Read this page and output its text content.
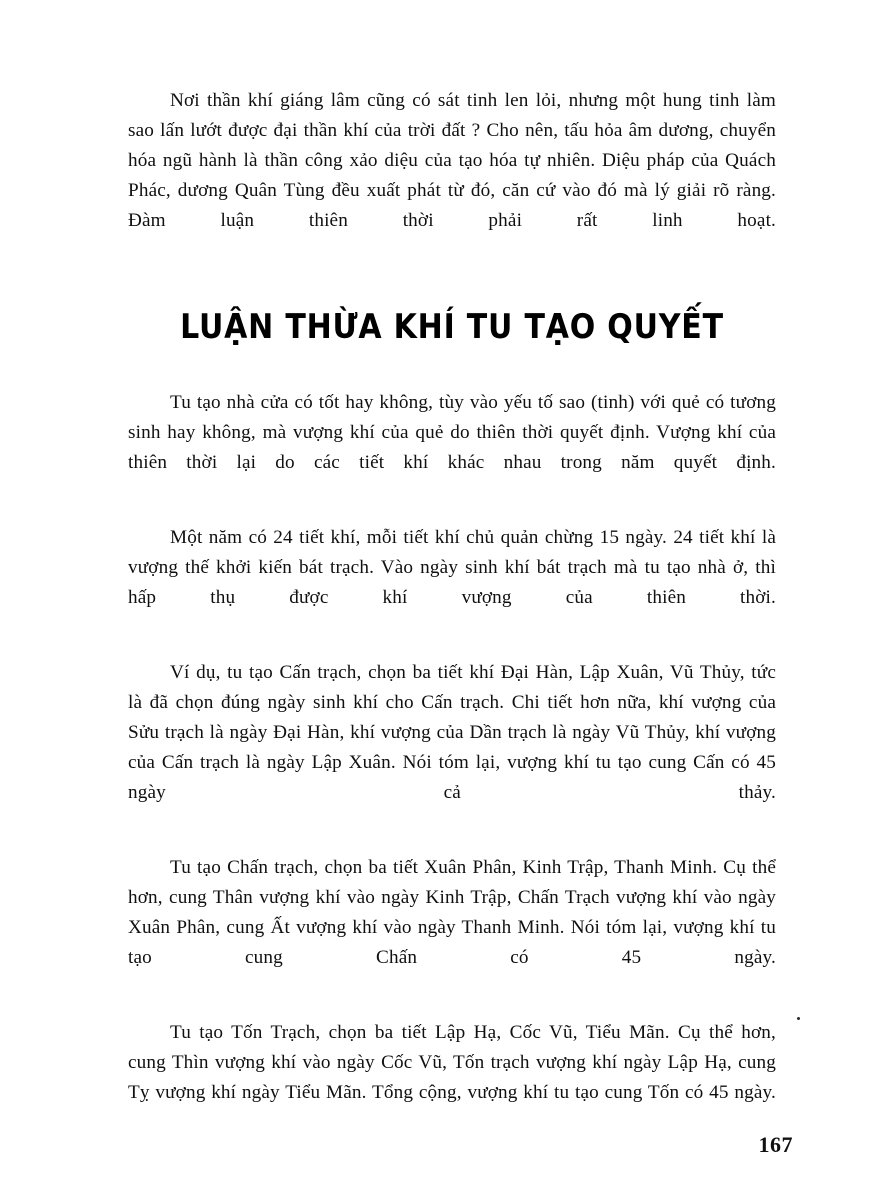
Nơi thần khí giáng lâm cũng có sát tinh len lỏi, nhưng một hung tinh làm sao lấn lướt được đại thần khí của trời đất ? Cho nên, tấu hỏa âm dương, chuyển hóa ngũ hành là thần công xảo diệu của tạo hóa tự nhiên. Diệu pháp của Quách Phác, dương Quân Tùng đều xuất phát từ đó, căn cứ vào đó mà lý giải rõ ràng. Đàm luận thiên thời phải rất linh hoạt.

LUẬN THỪA KHÍ TU TẠO QUYẾT

Tu tạo nhà cửa có tốt hay không, tùy vào yếu tố sao (tinh) với quẻ có tương sinh hay không, mà vượng khí của quẻ do thiên thời quyết định. Vượng khí của thiên thời lại do các tiết khí khác nhau trong năm quyết định.

Một năm có 24 tiết khí, mỗi tiết khí chủ quản chừng 15 ngày. 24 tiết khí là vượng thế khởi kiến bát trạch. Vào ngày sinh khí bát trạch mà tu tạo nhà ở, thì hấp thụ được khí vượng của thiên thời.

Ví dụ, tu tạo Cấn trạch, chọn ba tiết khí Đại Hàn, Lập Xuân, Vũ Thủy, tức là đã chọn đúng ngày sinh khí cho Cấn trạch. Chi tiết hơn nữa, khí vượng của Sửu trạch là ngày Đại Hàn, khí vượng của Dần trạch là ngày Vũ Thủy, khí vượng của Cấn trạch là ngày Lập Xuân. Nói tóm lại, vượng khí tu tạo cung Cấn có 45 ngày cả thảy.

Tu tạo Chấn trạch, chọn ba tiết Xuân Phân, Kinh Trập, Thanh Minh. Cụ thể hơn, cung Thân vượng khí vào ngày Kinh Trập, Chấn Trạch vượng khí vào ngày Xuân Phân, cung Ất vượng khí vào ngày Thanh Minh. Nói tóm lại, vượng khí tu tạo cung Chấn có 45 ngày.

Tu tạo Tốn Trạch, chọn ba tiết Lập Hạ, Cốc Vũ, Tiểu Mãn. Cụ thể hơn, cung Thìn vượng khí vào ngày Cốc Vũ, Tốn trạch vượng khí ngày Lập Hạ, cung Tỵ vượng khí ngày Tiểu Mãn. Tổng cộng, vượng khí tu tạo cung Tốn có 45 ngày.

167
